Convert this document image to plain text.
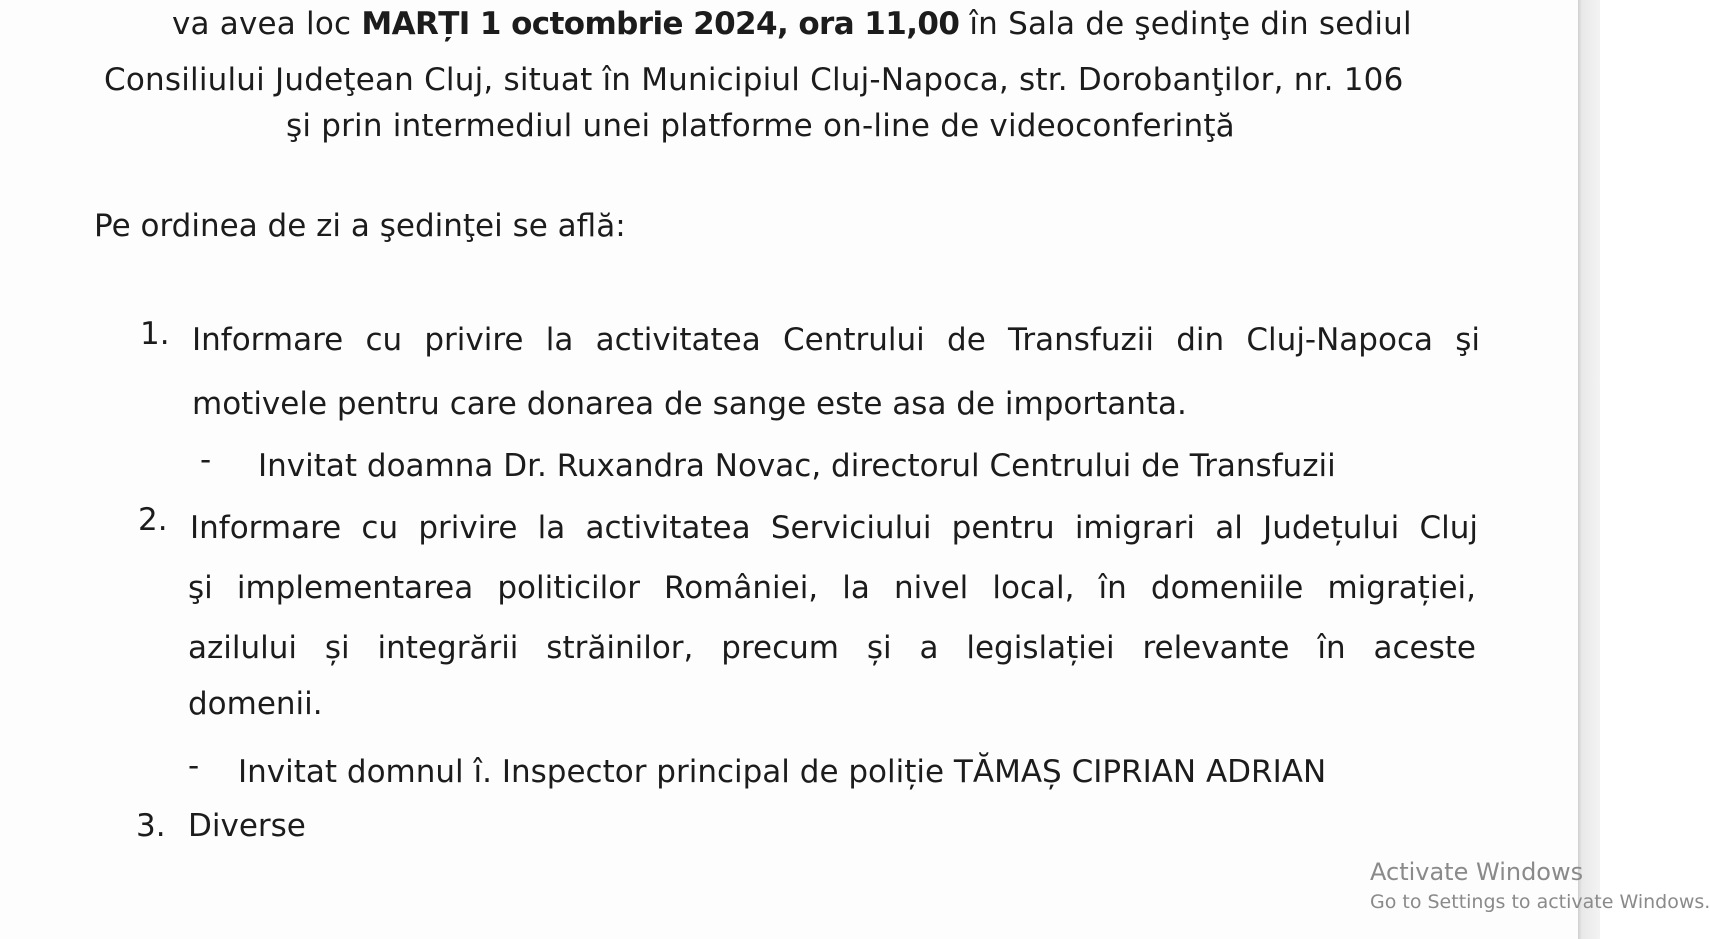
va avea loc MARȚI 1 octombrie 2024, ora 11,00 în Sala de şedinţe din sediul
Consiliului Judeţean Cluj, situat în Municipiul Cluj-Napoca, str. Dorobanţilor, nr. 106
şi prin intermediul unei platforme on-line de videoconferinţă
Pe ordinea de zi a şedinţei se află:
1. Informare cu privire la activitatea Centrului de Transfuzii din Cluj-Napoca şi
motivele pentru care donarea de sange este asa de importanta.
- Invitat doamna Dr. Ruxandra Novac, directorul Centrului de Transfuzii
2. Informare cu privire la activitatea Serviciului pentru imigrari al Județului Cluj
şi implementarea politicilor României, la nivel local, în domeniile migrației,
azilului și integrării străinilor, precum și a legislației relevante în aceste
domenii.
- Invitat domnul î. Inspector principal de poliție TĂMAȘ CIPRIAN ADRIAN
3. Diverse
Activate Windows
Go to Settings to activate Windows.
